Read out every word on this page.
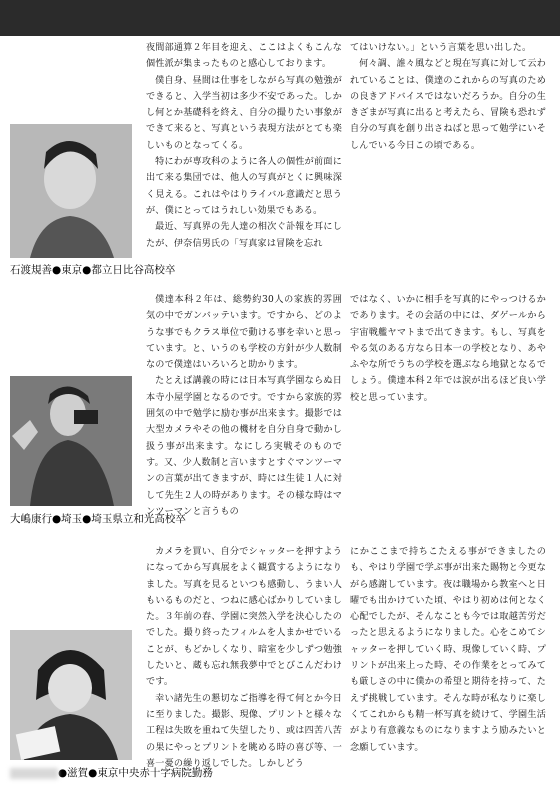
石渡規善●東京●都立日比谷高校卒

夜間部通算２年目を迎え、ここはよくもこんな個性派が集まったものと感心しております。

僕自身、昼間は仕事をしながら写真の勉強ができると、入学当初は多少不安であった。しかし何とか基礎科を終え、自分の撮りたい事象ができて来ると、写真という表現方法がとても楽しいものとなってくる。

特にわが専攻科のように各人の個性が前面に出て来る集団では、他人の写真がとくに興味深く見える。これはやはりライバル意識だと思うが、僕にとってはうれしい効果でもある。

最近、写真界の先人達の相次ぐ訃報を耳にしたが、伊奈信男氏の「写真家は冒険を忘れ

てはいけない。」という言葉を思い出した。

何々調、誰々風などと現在写真に対して云われていることは、僕達のこれからの写真のための良きアドバイスではないだろうか。自分の生きざまが写真に出ると考えたら、冒険も恐れず自分の写真を創り出さねばと思って勉学にいそしんでいる今日この頃である。

大嶋康行●埼玉●埼玉県立和光高校卒

僕達本科２年は、総勢約30人の家族的雰囲気の中でガンバッテいます。ですから、どのような事でもクラス単位で動ける事を幸いと思っています。と、いうのも学校の方針が少人数制なので僕達はいろいろと助かります。

たとえば講義の時には日本写真学園ならぬ日本寺小屋学園となるのです。ですから家族的雰囲気の中で勉学に励む事が出来ます。撮影では大型カメラやその他の機材を自分自身で動かし扱う事が出来ます。なにしろ実戦そのものです。又、少人数制と言いますとすぐマンツーマンの言葉が出てきますが、時には生徒１人に対して先生２人の時があります。その様な時はマンツーマンと言うもの

ではなく、いかに相手を写真的にやっつけるかであります。その会話の中には、ダゲールから宇宙戦艦ヤマトまで出てきます。もし、写真をやる気のある方なら日本一の学校となり、あやふやな所でうちの学校を選ぶなら地獄となるでしょう。僕達本科２年では涙が出るほど良い学校と思っています。

●滋賀●東京中央赤十字病院勤務

カメラを買い、自分でシャッターを押すようになってから写真展をよく観賞するようになりました。写真を見るといつも感動し、うまい人もいるものだと、つねに感心ばかりしていました。３年前の春、学園に突然入学を決心したのでした。撮り終ったフィルムを人まかせでいることが、もどかしくなり、暗室を少しずつ勉強したいと、蔵も忘れ無我夢中でとびこんだわけです。

幸い諸先生の懇切なご指導を得て何とか今日に至りました。撮影、現像、プリントと様々な工程は失敗を重ねて失望したり、或は四苦八苦の果にやっとプリントを眺める時の喜び等、一喜一憂の繰り返しでした。しかしどう

にかここまで持ちこたえる事ができましたのも、やはり学園で学ぶ事が出来た賜物と今更ながら感謝しています。夜は職場から教室へと日曜でも出かけていた頃、やはり初めは何となく心配でしたが、そんなことも今では取越苦労だったと思えるようになりました。心をこめてシャッターを押していく時、現像していく時、プリントが出来上った時、その作業をとってみても厳しさの中に僕かの希望と期待を持って、たえず挑戦しています。そんな時が私なりに楽しくてこれからも精一杯写真を続けて、学園生活がより有意義なものになりますよう励みたいと念願しています。
